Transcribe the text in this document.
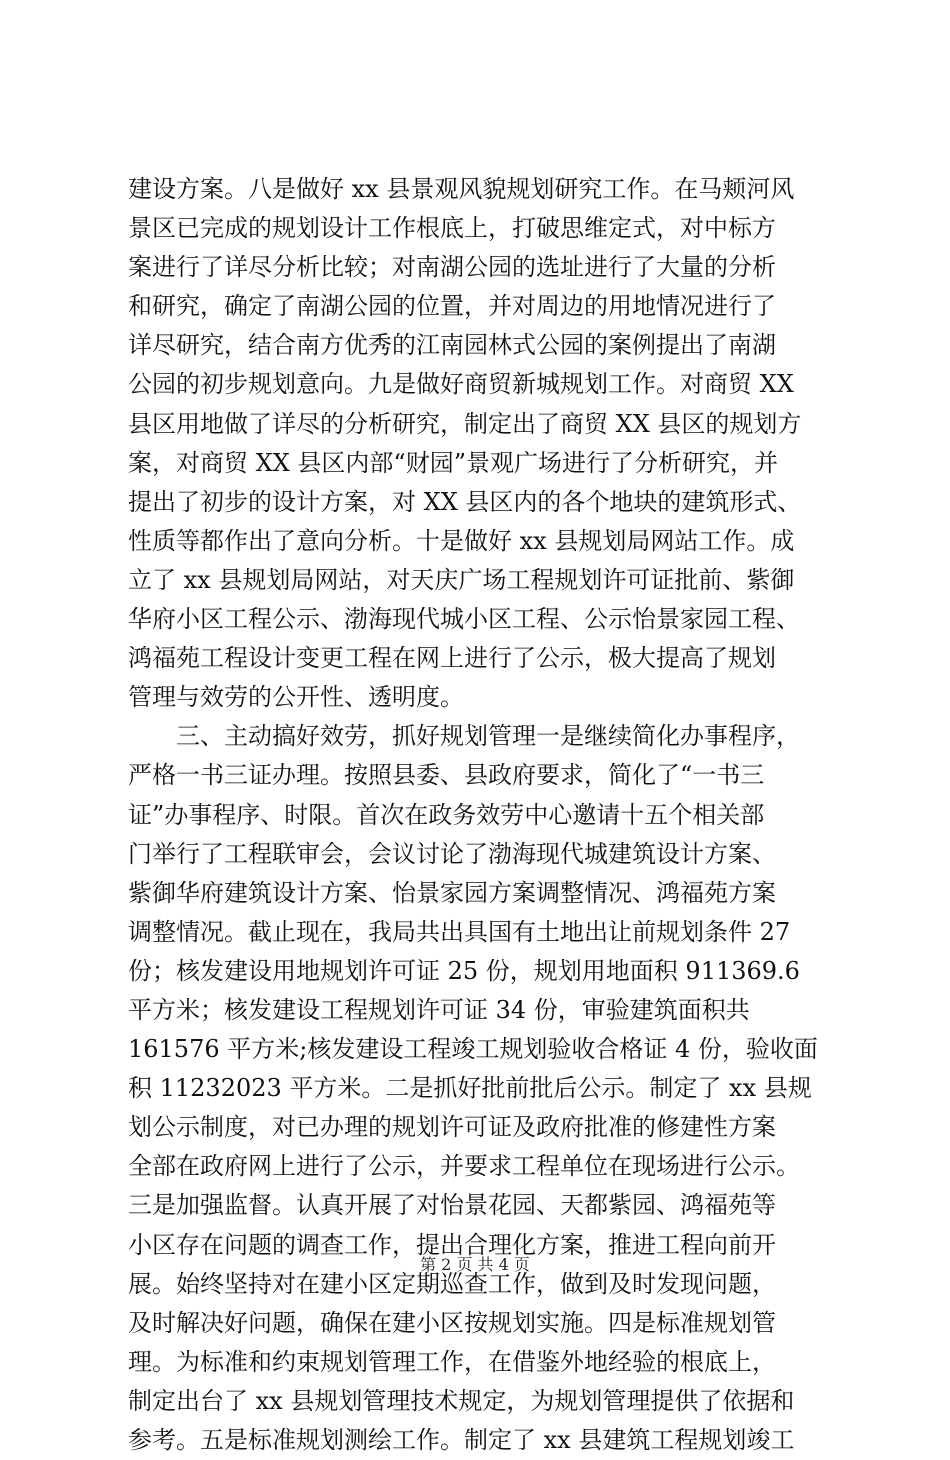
建设方案。八是做好 xx 县景观风貌规划研究工作。在马颊河风
景区已完成的规划设计工作根底上，打破思维定式，对中标方
案进行了详尽分析比较；对南湖公园的选址进行了大量的分析
和研究，确定了南湖公园的位置，并对周边的用地情况进行了
详尽研究，结合南方优秀的江南园林式公园的案例提出了南湖
公园的初步规划意向。九是做好商贸新城规划工作。对商贸 XX
县区用地做了详尽的分析研究，制定出了商贸 XX 县区的规划方
案，对商贸 XX 县区内部“财园”景观广场进行了分析研究，并
提出了初步的设计方案，对 XX 县区内的各个地块的建筑形式、
性质等都作出了意向分析。十是做好 xx 县规划局网站工作。成
立了 xx 县规划局网站，对天庆广场工程规划许可证批前、紫御
华府小区工程公示、渤海现代城小区工程、公示怡景家园工程、
鸿福苑工程设计变更工程在网上进行了公示，极大提高了规划
管理与效劳的公开性、透明度。
　　三、主动搞好效劳，抓好规划管理一是继续简化办事程序，
严格一书三证办理。按照县委、县政府要求，简化了“一书三
证”办事程序、时限。首次在政务效劳中心邀请十五个相关部
门举行了工程联审会，会议讨论了渤海现代城建筑设计方案、
紫御华府建筑设计方案、怡景家园方案调整情况、鸿福苑方案
调整情况。截止现在，我局共出具国有土地出让前规划条件 27
份；核发建设用地规划许可证 25 份，规划用地面积 911369.6
平方米；核发建设工程规划许可证 34 份，审验建筑面积共
161576 平方米;核发建设工程竣工规划验收合格证 4 份，验收面
积 11232023 平方米。二是抓好批前批后公示。制定了 xx 县规
划公示制度，对已办理的规划许可证及政府批准的修建性方案
全部在政府网上进行了公示，并要求工程单位在现场进行公示。
三是加强监督。认真开展了对怡景花园、天都紫园、鸿福苑等
小区存在问题的调查工作，提出合理化方案，推进工程向前开
展。始终坚持对在建小区定期巡查工作，做到及时发现问题，
及时解决好问题，确保在建小区按规划实施。四是标准规划管
理。为标准和约束规划管理工作，在借鉴外地经验的根底上，
制定出台了 xx 县规划管理技术规定，为规划管理提供了依据和
参考。五是标准规划测绘工作。制定了 xx 县建筑工程规划竣工
第 2 页 共 4 页
